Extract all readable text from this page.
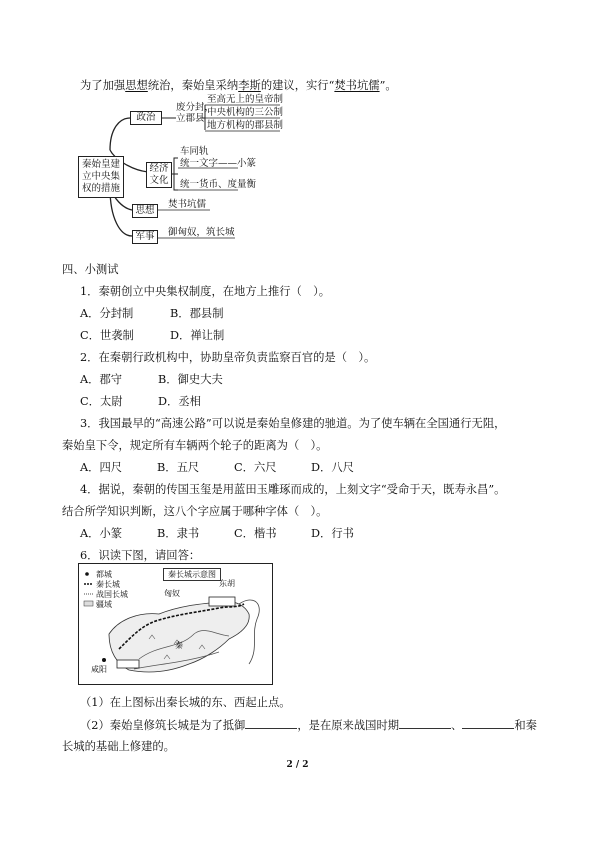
为了加强思想统治，秦始皇采纳李斯的建议，实行“焚书坑儒”。
秦始皇建
立中央集
权的措施
政治
废分封，
立郡县
至高无上的皇帝制
中央机构的三公制
地方机构的郡县制
经济
文化
车同轨
统一文字——小篆
统一货币、度量衡
思想
焚书坑儒
军事	御匈奴，筑长城
四、小测试
1．秦朝创立中央集权制度，在地方上推行（　）。
A．分封制	B．郡县制
C．世袭制	D．禅让制
2．在秦朝行政机构中，协助皇帝负责监察百官的是（　）。
A．郡守	B．御史大夫
C．太尉	D．丞相
3．我国最早的“高速公路”可以说是秦始皇修建的驰道。为了使车辆在全国通行无阻，
秦始皇下令，规定所有车辆两个轮子的距离为（　）。
A．四尺	B．五尺	C．六尺	D．八尺
4．据说，秦朝的传国玉玺是用蓝田玉雕琢而成的，上刻文字“受命于天，既寿永昌”。
结合所学知识判断，这八个字应属于哪种字体（　）。
A．小篆	B．隶书	C．楷书	D．行书
6．识读下图，请回答：
秦长城示意图
都城
秦长城
战国长城
疆域
匈奴
东胡
秦
咸阳
（1）在上图标出秦长城的东、西起止点。
（2）秦始皇修筑长城是为了抵御	，是在原来战国时期	、	和秦
长城的基础上修建的。
2 / 2
